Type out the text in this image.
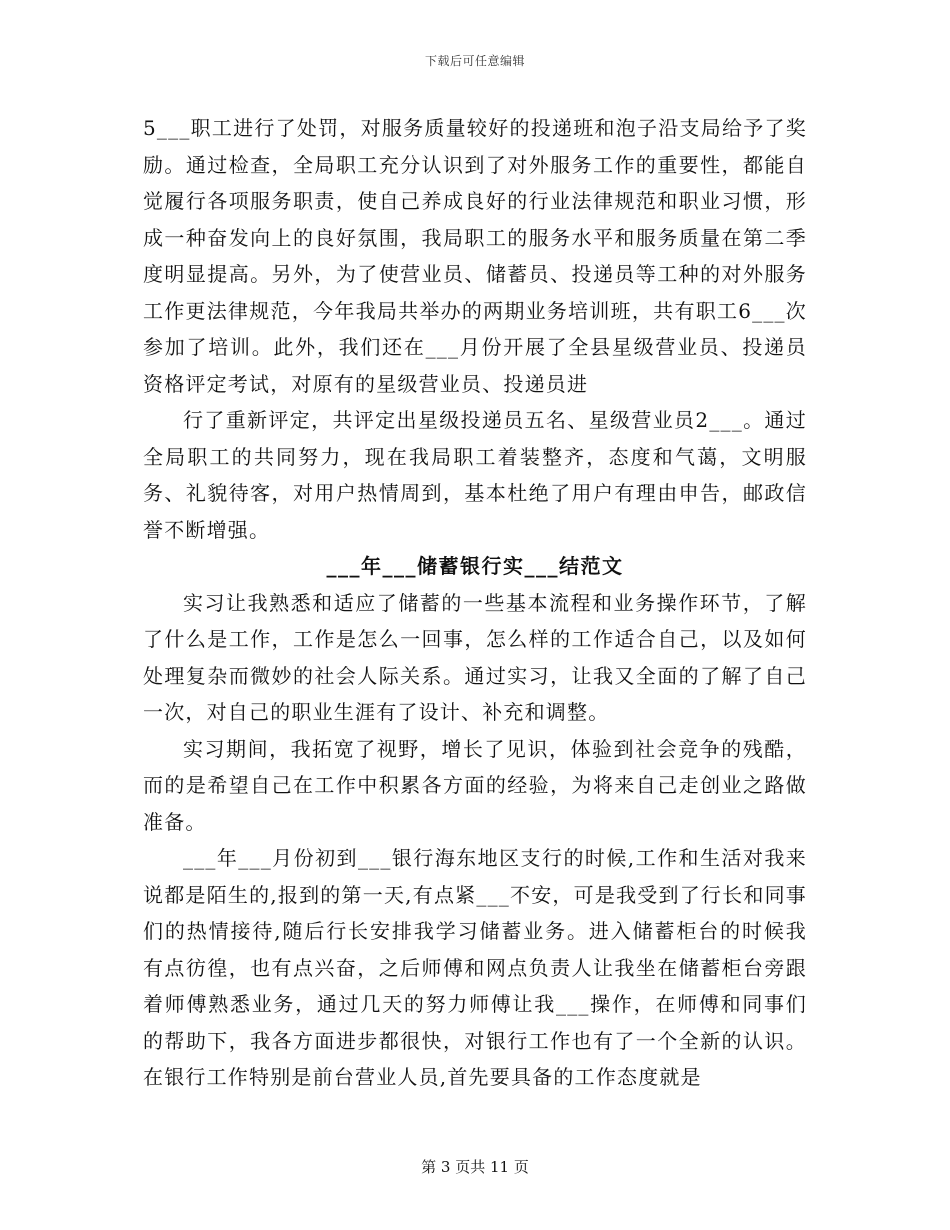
下载后可任意编辑

5___职工进行了处罚，对服务质量较好的投递班和泡子沿支局给予了奖励。通过检查，全局职工充分认识到了对外服务工作的重要性，都能自觉履行各项服务职责，使自己养成良好的行业法律规范和职业习惯，形成一种奋发向上的良好氛围，我局职工的服务水平和服务质量在第二季度明显提高。另外，为了使营业员、储蓄员、投递员等工种的对外服务工作更法律规范，今年我局共举办的两期业务培训班，共有职工6___次参加了培训。此外，我们还在___月份开展了全县星级营业员、投递员资格评定考试，对原有的星级营业员、投递员进

行了重新评定，共评定出星级投递员五名、星级营业员2___。通过全局职工的共同努力，现在我局职工着装整齐，态度和气蔼，文明服务、礼貌待客，对用户热情周到，基本杜绝了用户有理由申告，邮政信誉不断增强。

___年___储蓄银行实___结范文

实习让我熟悉和适应了储蓄的一些基本流程和业务操作环节，了解了什么是工作，工作是怎么一回事，怎么样的工作适合自己，以及如何处理复杂而微妙的社会人际关系。通过实习，让我又全面的了解了自己一次，对自己的职业生涯有了设计、补充和调整。

实习期间，我拓宽了视野，增长了见识，体验到社会竞争的残酷，而的是希望自己在工作中积累各方面的经验，为将来自己走创业之路做准备。

___年___月份初到___银行海东地区支行的时候,工作和生活对我来说都是陌生的,报到的第一天,有点紧___不安，可是我受到了行长和同事们的热情接待,随后行长安排我学习储蓄业务。进入储蓄柜台的时候我有点彷徨，也有点兴奋，之后师傅和网点负责人让我坐在储蓄柜台旁跟着师傅熟悉业务，通过几天的努力师傅让我___操作，在师傅和同事们的帮助下，我各方面进步都很快，对银行工作也有了一个全新的认识。在银行工作特别是前台营业人员,首先要具备的工作态度就是

第 3 页共 11 页
